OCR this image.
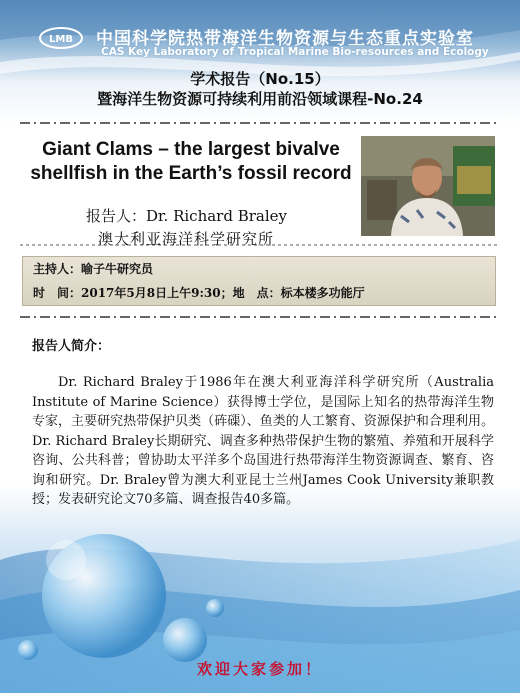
LMB 中国科学院热带海洋生物资源与生态重点实验室
CAS Key Laboratory of Tropical Marine Bio-resources and Ecology
学术报告（No.15）
暨海洋生物资源可持续利用前沿领域课程-No.24
Giant Clams – the largest bivalve
shellfish in the Earth’s fossil record
报告人：Dr. Richard Braley
澳大利亚海洋科学研究所
主持人：喻子牛研究员
时　间：2017年5月8日上午9:30；地　点：标本楼多功能厅
报告人简介：

Dr. Richard Braley于1986年在澳大利亚海洋科学研究所（Australia Institute of Marine Science）获得博士学位，是国际上知名的热带海洋生物专家，主要研究热带保护贝类（砗磲）、鱼类的人工繁育、资源保护和合理利用。Dr. Richard Braley长期研究、调查多种热带保护生物的繁殖、养殖和开展科学咨询、公共科普；曾协助太平洋多个岛国进行热带海洋生物资源调查、繁育、咨询和研究。Dr. Braley曾为澳大利亚昆士兰州James Cook University兼职教授；发表研究论文70多篇、调查报告40多篇。

欢迎大家参加！
